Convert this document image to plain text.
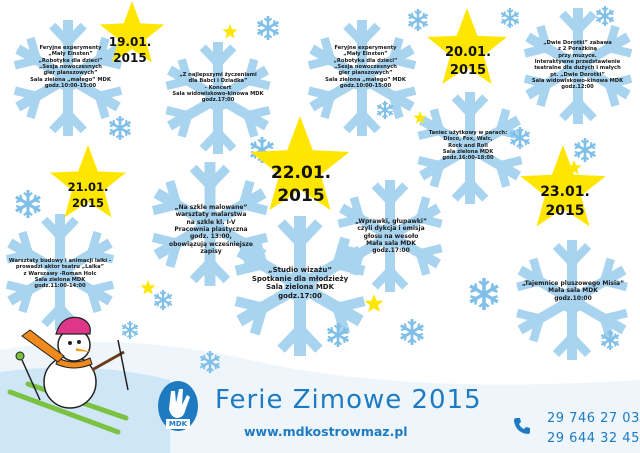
19.01.
2015	20.01.
2015
21.01.
2015
22.01.
2015	23.01.
2015
Feryjne experymenty
„Mały Einsten”
„Robotyka dla dzieci”
„Sesja nowoczesnych
gier planszowych”
Sala zielona „małego” MDK
godz.10:00-15:00
„Z najlepszymi życzeniami
dla Babci i Dziadka”
- Koncert
Sala widowiskowo-kinowa MDK
godz.17:00
Feryjne experymenty
„Mały Einsten”
„Robotyka dla dzieci”
„Sesja nowoczesnych
gier planszowych”
Sala zielona „małego” MDK
godz.10:00-15:00
„Dwie Dorotki” zabawa
z 2 Porażkiną
przy muzyce.
Interaktywne przedstawienie
teatralne dla dużych i małych
pt. „Dwie Dorotki”
Sala widowiskowo-kinowa MDK
godz.12:00
Taniec użytkowy w parach:
Disco, Fox, Walc,
Rock and Roll
Sala zielona MDK
godz.16:00-18:00
„Na szkle malowane”
warsztaty malarstwa
na szkle kl. I-V
Pracownia plastyczna
godz. 13:00,
obowiązują wcześniejsze
zapisy
Warsztaty budowy i animacji lalki -
prowadzi aktor teatru „Lalka”
z Warszawy -Roman Holc
Sala zielona MDK
godz.11:00-14:00
„Wprawki, głupawki”
czyli dykcja i emisja
głosu na wesoło
Mała sala MDK
godz.17:00
„Studio wizażu”
Spotkanie dla młodzieży
Sala zielona MDK
godz.17:00
„Tajemnice pluszowego Misia”
Mała sala MDK
godz.10:00
MDK
Ferie Zimowe 2015
www.mdkostrowmaz.pl
29 746 27 03
29 644 32 45
